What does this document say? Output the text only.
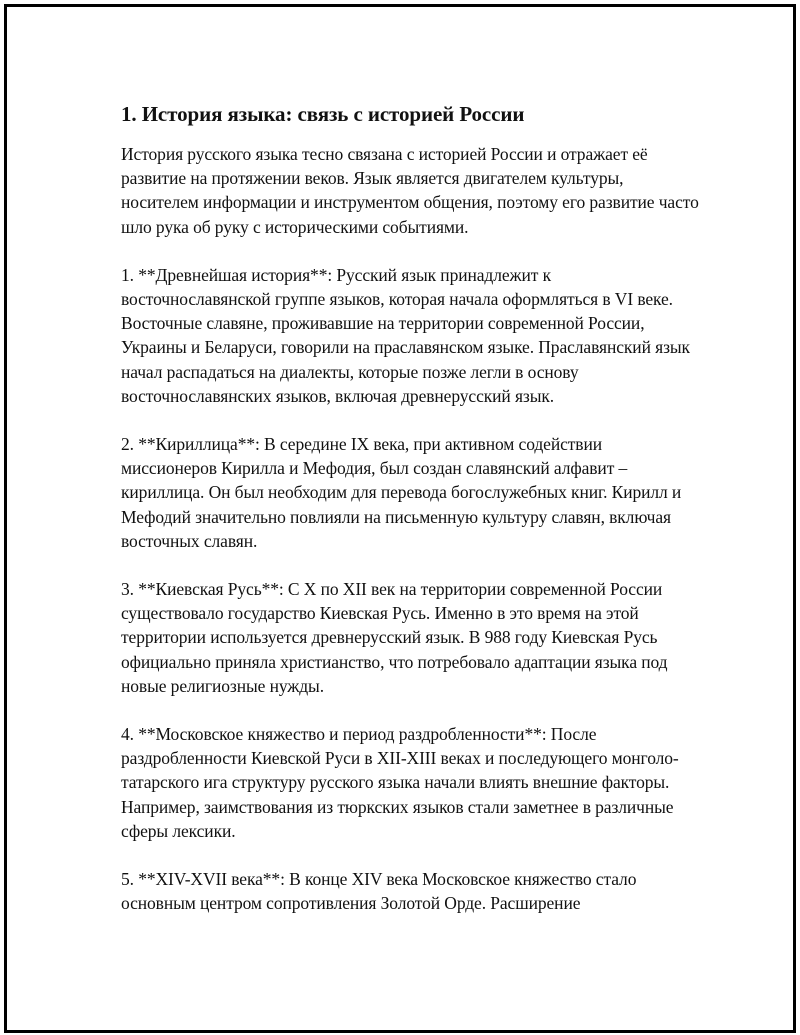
1. История языка: связь с историей России

История русского языка тесно связана с историей России и отражает её развитие на протяжении веков. Язык является двигателем культуры, носителем информации и инструментом общения, поэтому его развитие часто шло рука об руку с историческими событиями.

1. **Древнейшая история**: Русский язык принадлежит к восточнославянской группе языков, которая начала оформляться в VI веке. Восточные славяне, проживавшие на территории современной России, Украины и Беларуси, говорили на праславянском языке. Праславянский язык начал распадаться на диалекты, которые позже легли в основу восточнославянских языков, включая древнерусский язык.

2. **Кириллица**: В середине IX века, при активном содействии миссионеров Кирилла и Мефодия, был создан славянский алфавит – кириллица. Он был необходим для перевода богослужебных книг. Кирилл и Мефодий значительно повлияли на письменную культуру славян, включая восточных славян.

3. **Киевская Русь**: С X по XII век на территории современной России существовало государство Киевская Русь. Именно в это время на этой территории используется древнерусский язык. В 988 году Киевская Русь официально приняла христианство, что потребовало адаптации языка под новые религиозные нужды.

4. **Московское княжество и период раздробленности**: После раздробленности Киевской Руси в XII-XIII веках и последующего монголо-татарского ига структуру русского языка начали влиять внешние факторы. Например, заимствования из тюркских языков стали заметнее в различные сферы лексики.

5. **XIV-XVII века**: В конце XIV века Московское княжество стало основным центром сопротивления Золотой Орде. Расширение
